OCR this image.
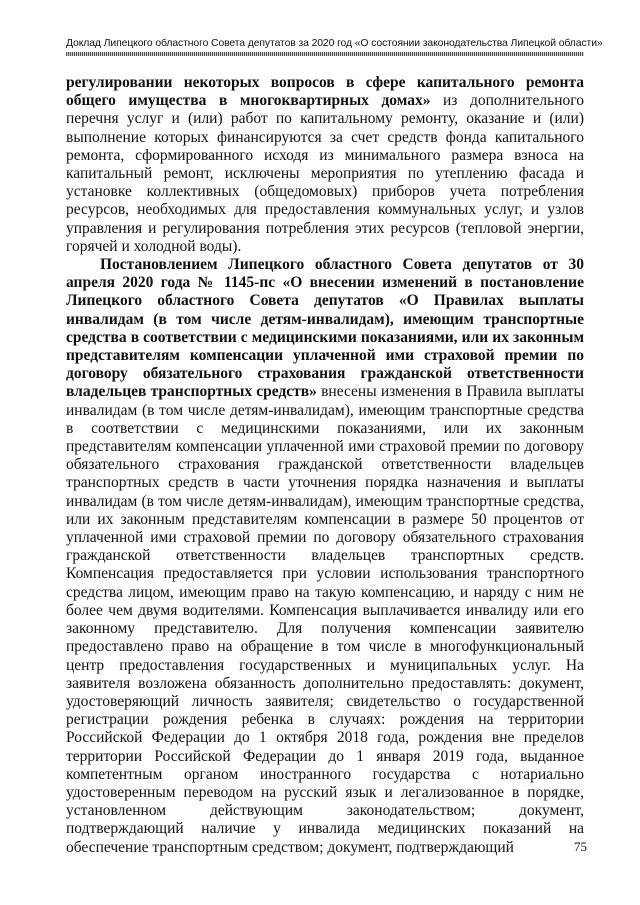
Доклад Липецкого областного Совета депутатов за 2020 год «О состоянии законодательства Липецкой области»

регулировании некоторых вопросов в сфере капитального ремонта общего имущества в многоквартирных домах» из дополнительного перечня услуг и (или) работ по капитальному ремонту, оказание и (или) выполнение которых финансируются за счет средств фонда капитального ремонта, сформированного исходя из минимального размера взноса на капитальный ремонт, исключены мероприятия по утеплению фасада и установке коллективных (общедомовых) приборов учета потребления ресурсов, необходимых для предоставления коммунальных услуг, и узлов управления и регулирования потребления этих ресурсов (тепловой энергии, горячей и холодной воды).

Постановлением Липецкого областного Совета депутатов от 30 апреля 2020 года № 1145-пс «О внесении изменений в постановление Липецкого областного Совета депутатов «О Правилах выплаты инвалидам (в том числе детям-инвалидам), имеющим транспортные средства в соответствии с медицинскими показаниями, или их законным представителям компенсации уплаченной ими страховой премии по договору обязательного страхования гражданской ответственности владельцев транспортных средств» внесены изменения в Правила выплаты инвалидам (в том числе детям-инвалидам), имеющим транспортные средства в соответствии с медицинскими показаниями, или их законным представителям компенсации уплаченной ими страховой премии по договору обязательного страхования гражданской ответственности владельцев транспортных средств в части уточнения порядка назначения и выплаты инвалидам (в том числе детям-инвалидам), имеющим транспортные средства, или их законным представителям компенсации в размере 50 процентов от уплаченной ими страховой премии по договору обязательного страхования гражданской ответственности владельцев транспортных средств. Компенсация предоставляется при условии использования транспортного средства лицом, имеющим право на такую компенсацию, и наряду с ним не более чем двумя водителями. Компенсация выплачивается инвалиду или его законному представителю. Для получения компенсации заявителю предоставлено право на обращение в том числе в многофункциональный центр предоставления государственных и муниципальных услуг. На заявителя возложена обязанность дополнительно предоставлять: документ, удостоверяющий личность заявителя; свидетельство о государственной регистрации рождения ребенка в случаях: рождения на территории Российской Федерации до 1 октября 2018 года, рождения вне пределов территории Российской Федерации до 1 января 2019 года, выданное компетентным органом иностранного государства с нотариально удостоверенным переводом на русский язык и легализованное в порядке, установленном действующим законодательством; документ, подтверждающий наличие у инвалида медицинских показаний на обеспечение транспортным средством; документ, подтверждающий	75
